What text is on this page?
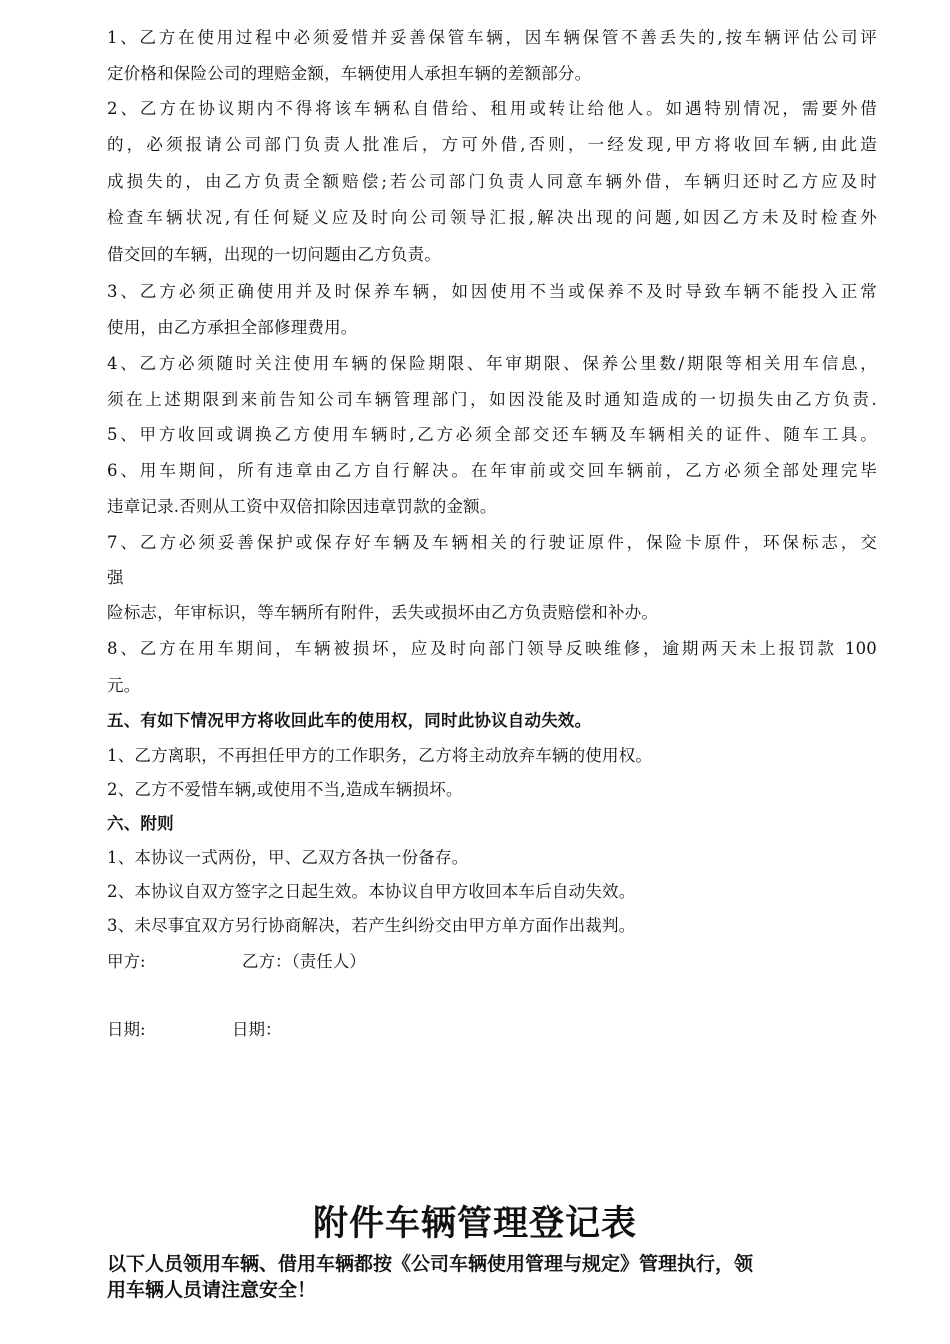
1、乙方在使用过程中必须爱惜并妥善保管车辆，因车辆保管不善丢失的,按车辆评估公司评
定价格和保险公司的理赔金额，车辆使用人承担车辆的差额部分。
2、乙方在协议期内不得将该车辆私自借给、租用或转让给他人。如遇特别情况，需要外借
的，必须报请公司部门负责人批准后，方可外借,否则，一经发现,甲方将收回车辆,由此造
成损失的，由乙方负责全额赔偿;若公司部门负责人同意车辆外借，车辆归还时乙方应及时
检查车辆状况,有任何疑义应及时向公司领导汇报,解决出现的问题,如因乙方未及时检查外
借交回的车辆，出现的一切问题由乙方负责。
3、乙方必须正确使用并及时保养车辆，如因使用不当或保养不及时导致车辆不能投入正常
使用，由乙方承担全部修理费用。
4、乙方必须随时关注使用车辆的保险期限、年审期限、保养公里数/期限等相关用车信息，
须在上述期限到来前告知公司车辆管理部门，如因没能及时通知造成的一切损失由乙方负责.
5、甲方收回或调换乙方使用车辆时,乙方必须全部交还车辆及车辆相关的证件、随车工具。
6、用车期间，所有违章由乙方自行解决。在年审前或交回车辆前，乙方必须全部处理完毕
违章记录.否则从工资中双倍扣除因违章罚款的金额。
7、乙方必须妥善保护或保存好车辆及车辆相关的行驶证原件，保险卡原件，环保标志，交
强
险标志，年审标识，等车辆所有附件，丢失或损坏由乙方负责赔偿和补办。
8、乙方在用车期间，车辆被损坏，应及时向部门领导反映维修，逾期两天未上报罚款 100
元。
五、有如下情况甲方将收回此车的使用权，同时此协议自动失效。
1、乙方离职，不再担任甲方的工作职务，乙方将主动放弃车辆的使用权。
2、乙方不爱惜车辆,或使用不当,造成车辆损坏。
六、附则
1、本协议一式两份，甲、乙双方各执一份备存。
2、本协议自双方签字之日起生效。本协议自甲方收回本车后自动失效。
3、未尽事宜双方另行协商解决，若产生纠纷交由甲方单方面作出裁判。
甲方:	乙方：（责任人）
日期:	日期：
附件车辆管理登记表
以下人员领用车辆、借用车辆都按《公司车辆使用管理与规定》管理执行，领
用车辆人员请注意安全！
